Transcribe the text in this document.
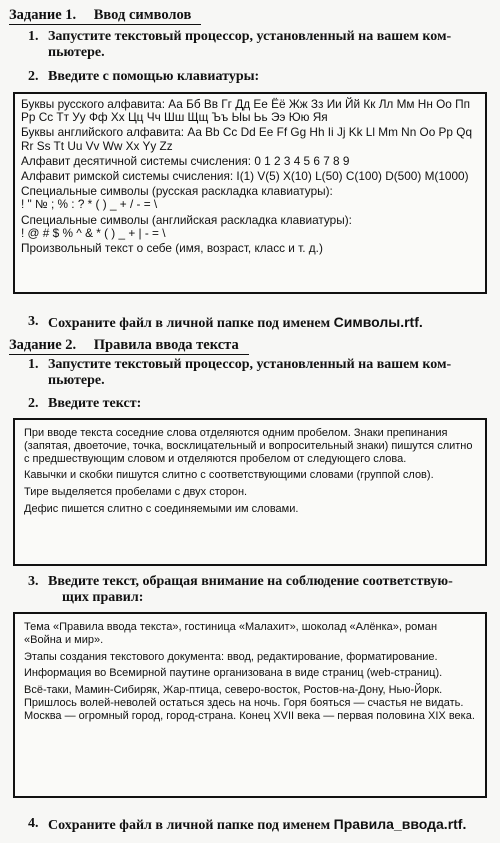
Задание 1. Ввод символов
1. Запустите текстовый процессор, установленный на вашем ком-
пьютере.
2. Введите с помощью клавиатуры:

Буквы русского алфавита: Аа Бб Вв Гг Дд Ее Ёё Жж Зз Ии Йй Кк Лл Мм Нн Оо Пп Рр Сс Тт Уу Фф Хх Цц Чч Шш Щщ Ъъ Ыы Ьь Ээ Юю Яя

Буквы английского алфавита: Аа Bb Cc Dd Ee Ff Gg Hh Ii Jj Kk Ll Mm Nn Oo Pp Qq Rr Ss Tt Uu Vv Ww Xx Yy Zz

Алфавит десятичной системы счисления: 0 1 2 3 4 5 6 7 8 9

Алфавит римской системы счисления: I(1) V(5) X(10) L(50) C(100) D(500) M(1000)

Специальные символы (русская раскладка клавиатуры):

! " № ; % : ? * ( ) _ + / - = \

Специальные символы (английская раскладка клавиатуры):

! @ # $ % ^ & * ( ) _ + | - = \

Произвольный текст о себе (имя, возраст, класс и т. д.)

3. Сохраните файл в личной папке под именем Символы.rtf.
Задание 2. Правила ввода текста
1. Запустите текстовый процессор, установленный на вашем ком-
пьютере.
2. Введите текст:

При вводе текста соседние слова отделяются одним пробелом. Знаки препинания (запятая, двоеточие, точка, восклицательный и вопросительный знаки) пишутся слитно с предшествующим словом и отделяются пробелом от следующего слова.

Кавычки и скобки пишутся слитно с соответствующими словами (группой слов).

Тире выделяется пробелами с двух сторон.

Дефис пишется слитно с соединяемыми им словами.

3. Введите текст, обращая внимание на соблюдение соответствую-
щих правил:

Тема «Правила ввода текста», гостиница «Малахит», шоколад «Алёнка», роман «Война и мир».

Этапы создания текстового документа: ввод, редактирование, форматирование.

Информация во Всемирной паутине организована в виде страниц (web-страниц).

Всё-таки, Мамин-Сибиряк, Жар-птица, северо-восток, Ростов-на-Дону, Нью-Йорк. Пришлось волей-неволей остаться здесь на ночь. Горя бояться — счастья не видать. Москва — огромный город, город-страна. Конец XVII века — первая половина XIX века.

4. Сохраните файл в личной папке под именем Правила_ввода.rtf.
